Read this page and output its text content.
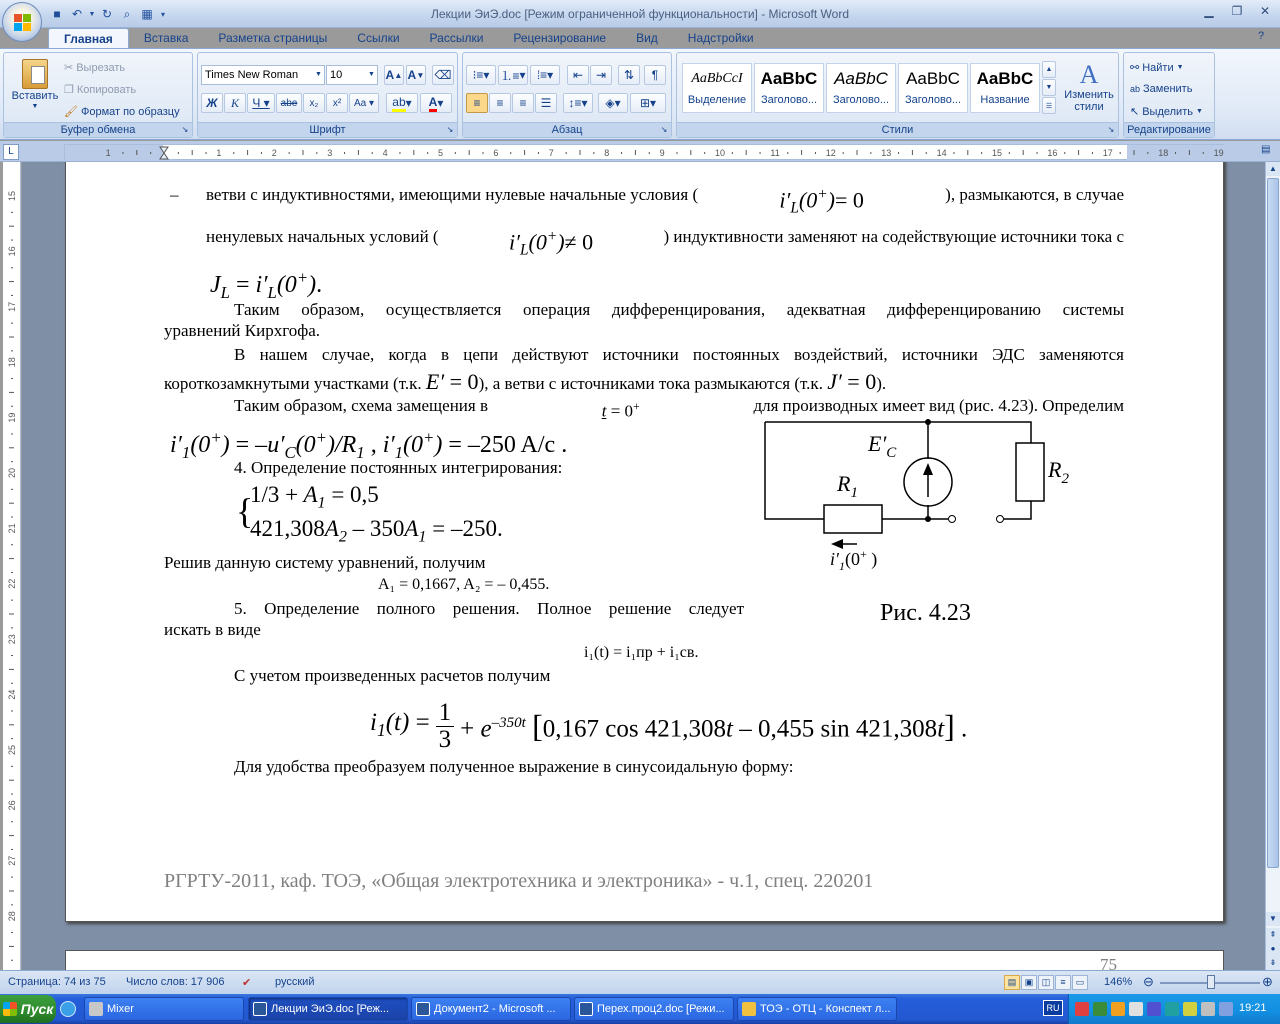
■ ↶ ▼ ↻ ⌕ ▦	▾	Лекции ЭиЭ.doc [Режим ограниченной функциональности] - Microsoft Word	▁	❐	✕
Главная	Вставка	Разметка страницы	Ссылки	Рассылки	Рецензирование	Вид	Надстройки	?
Вставить
▼
✂ Вырезать
❐ Копировать
🖌 Формат по образцу
Буфер обмена	↘
Times New Roman ▼ 10	▼ A ▲ A ▼ ⌫
Ж	К	Ч ▾	abe	x₂	x²	Aa ▾	ab ▾	A ▾
Шрифт	↘
⁝≡ ▾ ⒈≡ ▾ ⁞≡ ▾	⇤	⇥	⇅	¶
≡	≡	≡	☰	↕≡ ▾	◈ ▾	⊞ ▾
Абзац	↘
AaBbCcI
Выделение
AaBbC
Заголово...
AaBbC
Заголово...
AaBbC
Заголово...
AaBbC
Название
▲
▼
☰
A
Изменить стили
Стили	↘
⚯ Найти ▼
ab Заменить
↖ Выделить ▼
Редактирование
L	1	1	2	3	4	5	6	7	8	9	10	11	12	13	14	15	16	17	18	19	▤
15
16
17
18
19
20
21
22
23
24
25
26
27
28
– ветви с индуктивностями, имеющими нулевые начальные условия (	$i'_L(0^+)= 0$	), размыкаются, в случае
ненулевых начальных условий (	$i'_L(0^+)\ne 0$	) индуктивности заменяют на содействующие источники тока с
$J_L = i'_L(0^+)$.
Таким образом, осуществляется операция дифференцирования, адекватная дифференцированию системы
уравнений Кирхгофа.
В нашем случае, когда в цепи действуют источники постоянных воздействий, источники ЭДС заменяются
короткозамкнутыми участками (т.к. E′ = 0), а ветви с источниками тока размыкаются (т.к. J′ = 0).
Таким образом, схема замещения в	t = 0+	для производных имеет вид (рис. 4.23). Определим
$i'_1(0^+) = -u'_C(0^+)/R_1$ , $i'_1(0^+) = -250$ A/c .
4. Определение постоянных интегрирования:
{
$1/3 + A_1 = 0,5$
$421,308A_2 - 350A_1 = -250$.
Решив данную систему уравнений, получим
A₁ = 0,1667, A₂ = – 0,455.
5. Определение полного решения. Полное решение следует
искать в виде
i₁(t) = i₁пр + i₁св.
С учетом произведенных расчетов получим
$i_1(t) = \frac{1}{3} + e^{-350t}$ [0,167 cos 421,308t – 0,455 sin 421,308t] .
Для удобства преобразуем полученное выражение в синусоидальную форму:
$E'_C$
$R_1$
$R_2$
$i'_1(0^+$ )
Рис. 4.23
РГРТУ-2011, каф. ТОЭ, «Общая электротехника и электроника» - ч.1, спец. 220201
75
▲
▼
⇞
●
⇟
Страница: 74 из 75 Число слов: 17 906 ✔ русский	▤ ▣ ◫	≡	▭	146% ⊖	⊕
Пуск	Mixer	Лекции ЭиЭ.doc [Реж...	Документ2 - Microsoft ...	Перех.проц2.doc [Режи...	ТОЭ - ОТЦ - Конспект л...	RU	19:21
